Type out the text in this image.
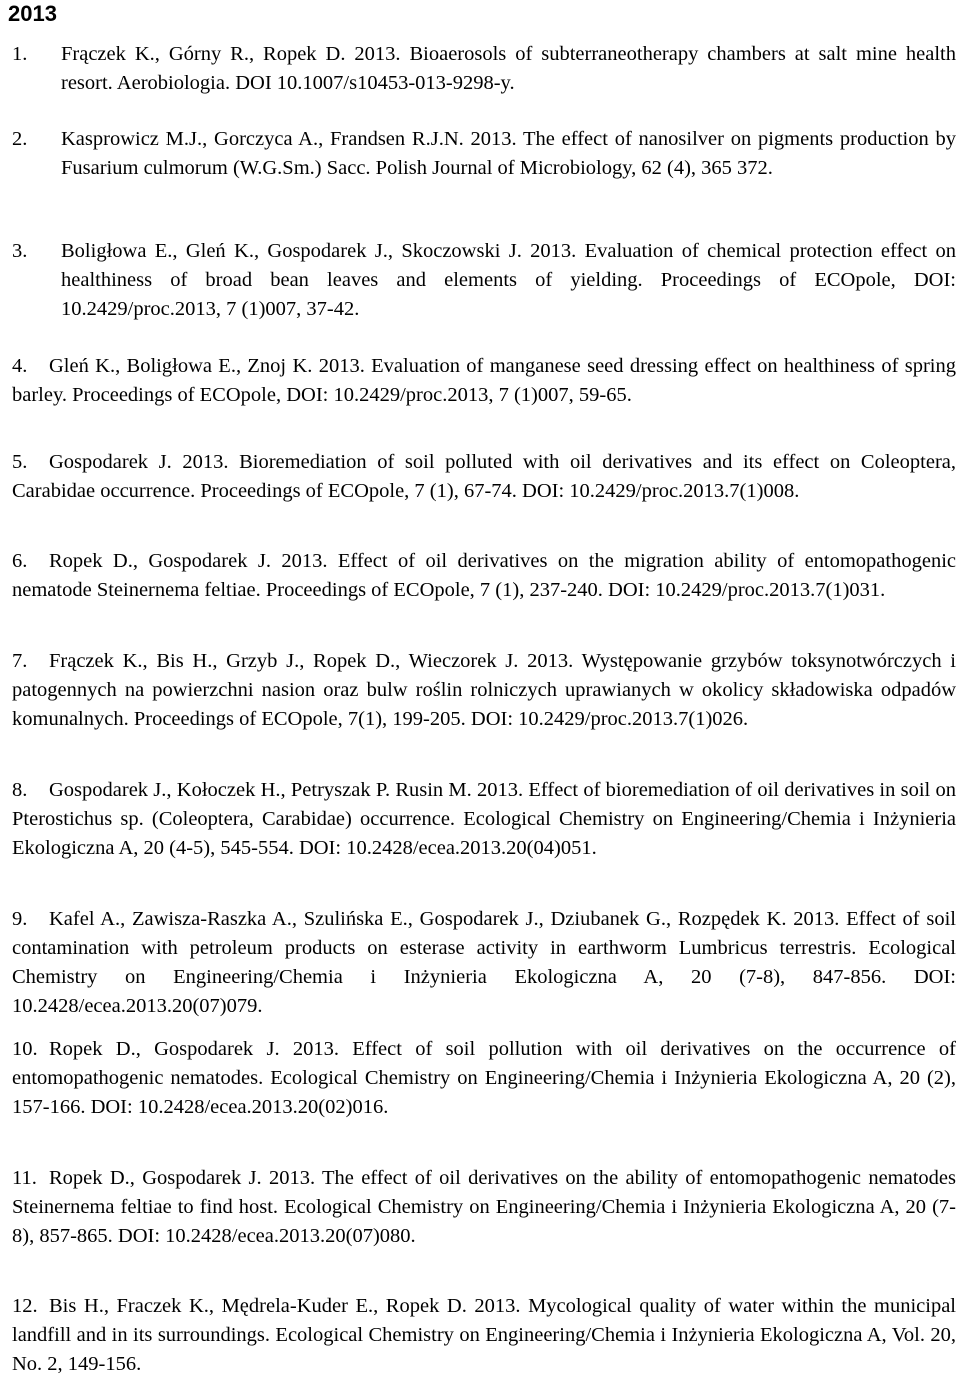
2013

1. Frączek K., Górny R., Ropek D. 2013. Bioaerosols of subterraneotherapy chambers at salt mine health resort. Aerobiologia. DOI 10.1007/s10453-013-9298-y.

2. Kasprowicz M.J., Gorczyca A., Frandsen R.J.N. 2013. The effect of nanosilver on pigments production by Fusarium culmorum (W.G.Sm.) Sacc. Polish Journal of Microbiology, 62 (4), 365 372.

3. Boligłowa E., Gleń K., Gospodarek J., Skoczowski J. 2013. Evaluation of chemical protection effect on healthiness of broad bean leaves and elements of yielding. Proceedings of ECOpole, DOI: 10.2429/proc.2013, 7 (1)007, 37-42.

4. Gleń K., Boligłowa E., Znoj K. 2013. Evaluation of manganese seed dressing effect on healthiness of spring barley. Proceedings of ECOpole, DOI: 10.2429/proc.2013, 7 (1)007, 59-65.

5. Gospodarek J. 2013. Bioremediation of soil polluted with oil derivatives and its effect on Coleoptera, Carabidae occurrence. Proceedings of ECOpole, 7 (1), 67-74. DOI: 10.2429/proc.2013.7(1)008.

6. Ropek D., Gospodarek J. 2013. Effect of oil derivatives on the migration ability of entomopathogenic nematode Steinernema feltiae. Proceedings of ECOpole, 7 (1), 237-240. DOI: 10.2429/proc.2013.7(1)031.

7. Frączek K., Bis H., Grzyb J., Ropek D., Wieczorek J. 2013. Występowanie grzybów toksynotwórczych i patogennych na powierzchni nasion oraz bulw roślin rolniczych uprawianych w okolicy składowiska odpadów komunalnych. Proceedings of ECOpole, 7(1), 199-205. DOI: 10.2429/proc.2013.7(1)026.

8. Gospodarek J., Kołoczek H., Petryszak P. Rusin M. 2013. Effect of bioremediation of oil derivatives in soil on Pterostichus sp. (Coleoptera, Carabidae) occurrence. Ecological Chemistry on Engineering/Chemia i Inżynieria Ekologiczna A, 20 (4-5), 545-554. DOI: 10.2428/ecea.2013.20(04)051.

9. Kafel A., Zawisza-Raszka A., Szulińska E., Gospodarek J., Dziubanek G., Rozpędek K. 2013. Effect of soil contamination with petroleum products on esterase activity in earthworm Lumbricus terrestris. Ecological Chemistry on Engineering/Chemia i Inżynieria Ekologiczna A, 20 (7-8), 847-856. DOI: 10.2428/ecea.2013.20(07)079.

10. Ropek D., Gospodarek J. 2013. Effect of soil pollution with oil derivatives on the occurrence of entomopathogenic nematodes. Ecological Chemistry on Engineering/Chemia i Inżynieria Ekologiczna A, 20 (2), 157-166. DOI: 10.2428/ecea.2013.20(02)016.

11. Ropek D., Gospodarek J. 2013. The effect of oil derivatives on the ability of entomopathogenic nematodes Steinernema feltiae to find host. Ecological Chemistry on Engineering/Chemia i Inżynieria Ekologiczna A, 20 (7-8), 857-865. DOI: 10.2428/ecea.2013.20(07)080.

12. Bis H., Fraczek K., Mędrela-Kuder E., Ropek D. 2013. Mycological quality of water within the municipal landfill and in its surroundings. Ecological Chemistry on Engineering/Chemia i Inżynieria Ekologiczna A, Vol. 20, No. 2, 149-156.
